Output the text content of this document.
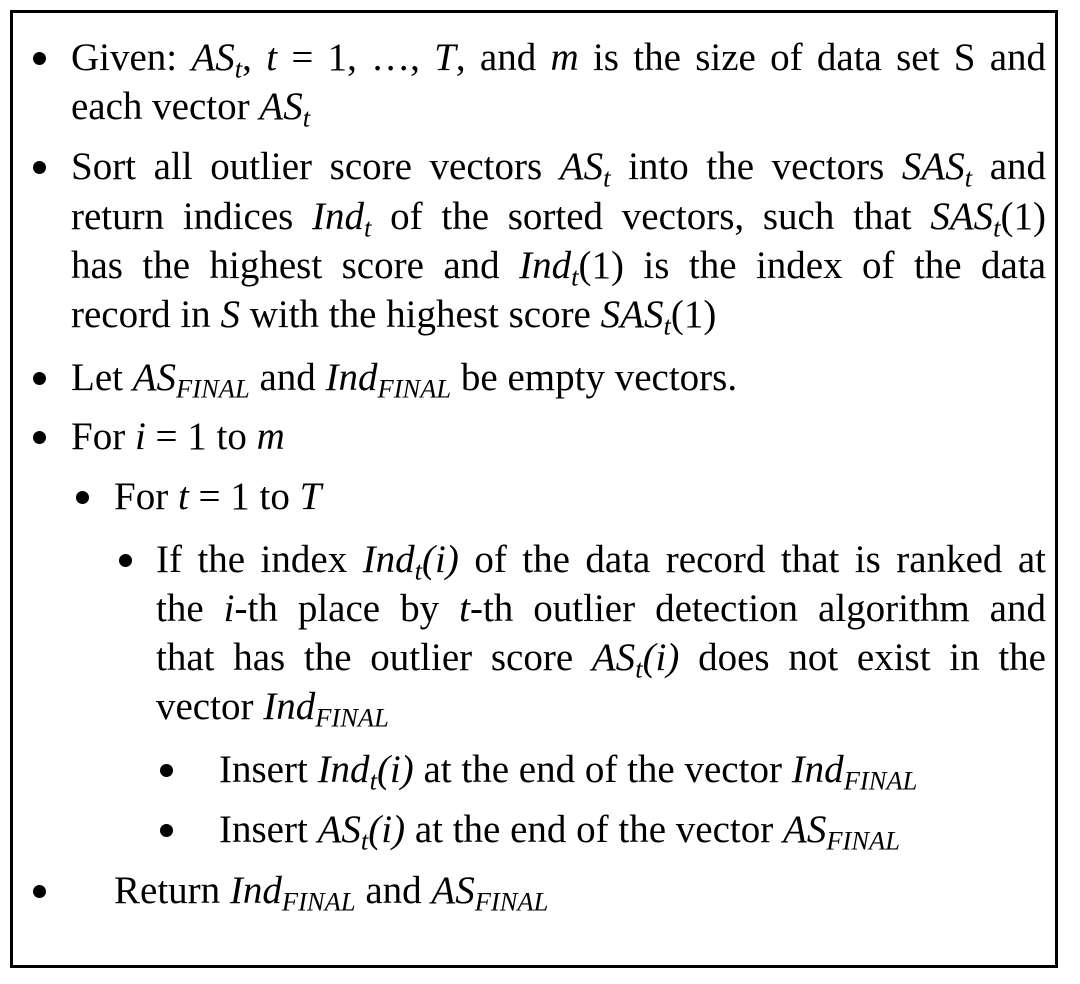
Given: $AS_t$, t = 1, …, T, and m is the size of data set S and
each vector $AS_t$
Sort all outlier score vectors $AS_t$ into the vectors $SAS_t$ and
return indices Ind$_t$ of the sorted vectors, such that $SAS_t(1)$
has the highest score and Ind$_t$(1) is the index of the data
record in S with the highest score $SAS_t(1)$
Let $AS_{FINAL}$ and Ind$_{FINAL}$ be empty vectors.
For i = 1 to m
For t = 1 to T
If the index Ind$_t$(i) of the data record that is ranked at
the i-th place by t-th outlier detection algorithm and
that has the outlier score $AS_t(i)$ does not exist in the
vector Ind$_{FINAL}$
Insert Ind$_t$(i) at the end of the vector Ind$_{FINAL}$
Insert $AS_t(i)$ at the end of the vector $AS_{FINAL}$
Return Ind$_{FINAL}$ and $AS_{FINAL}$
